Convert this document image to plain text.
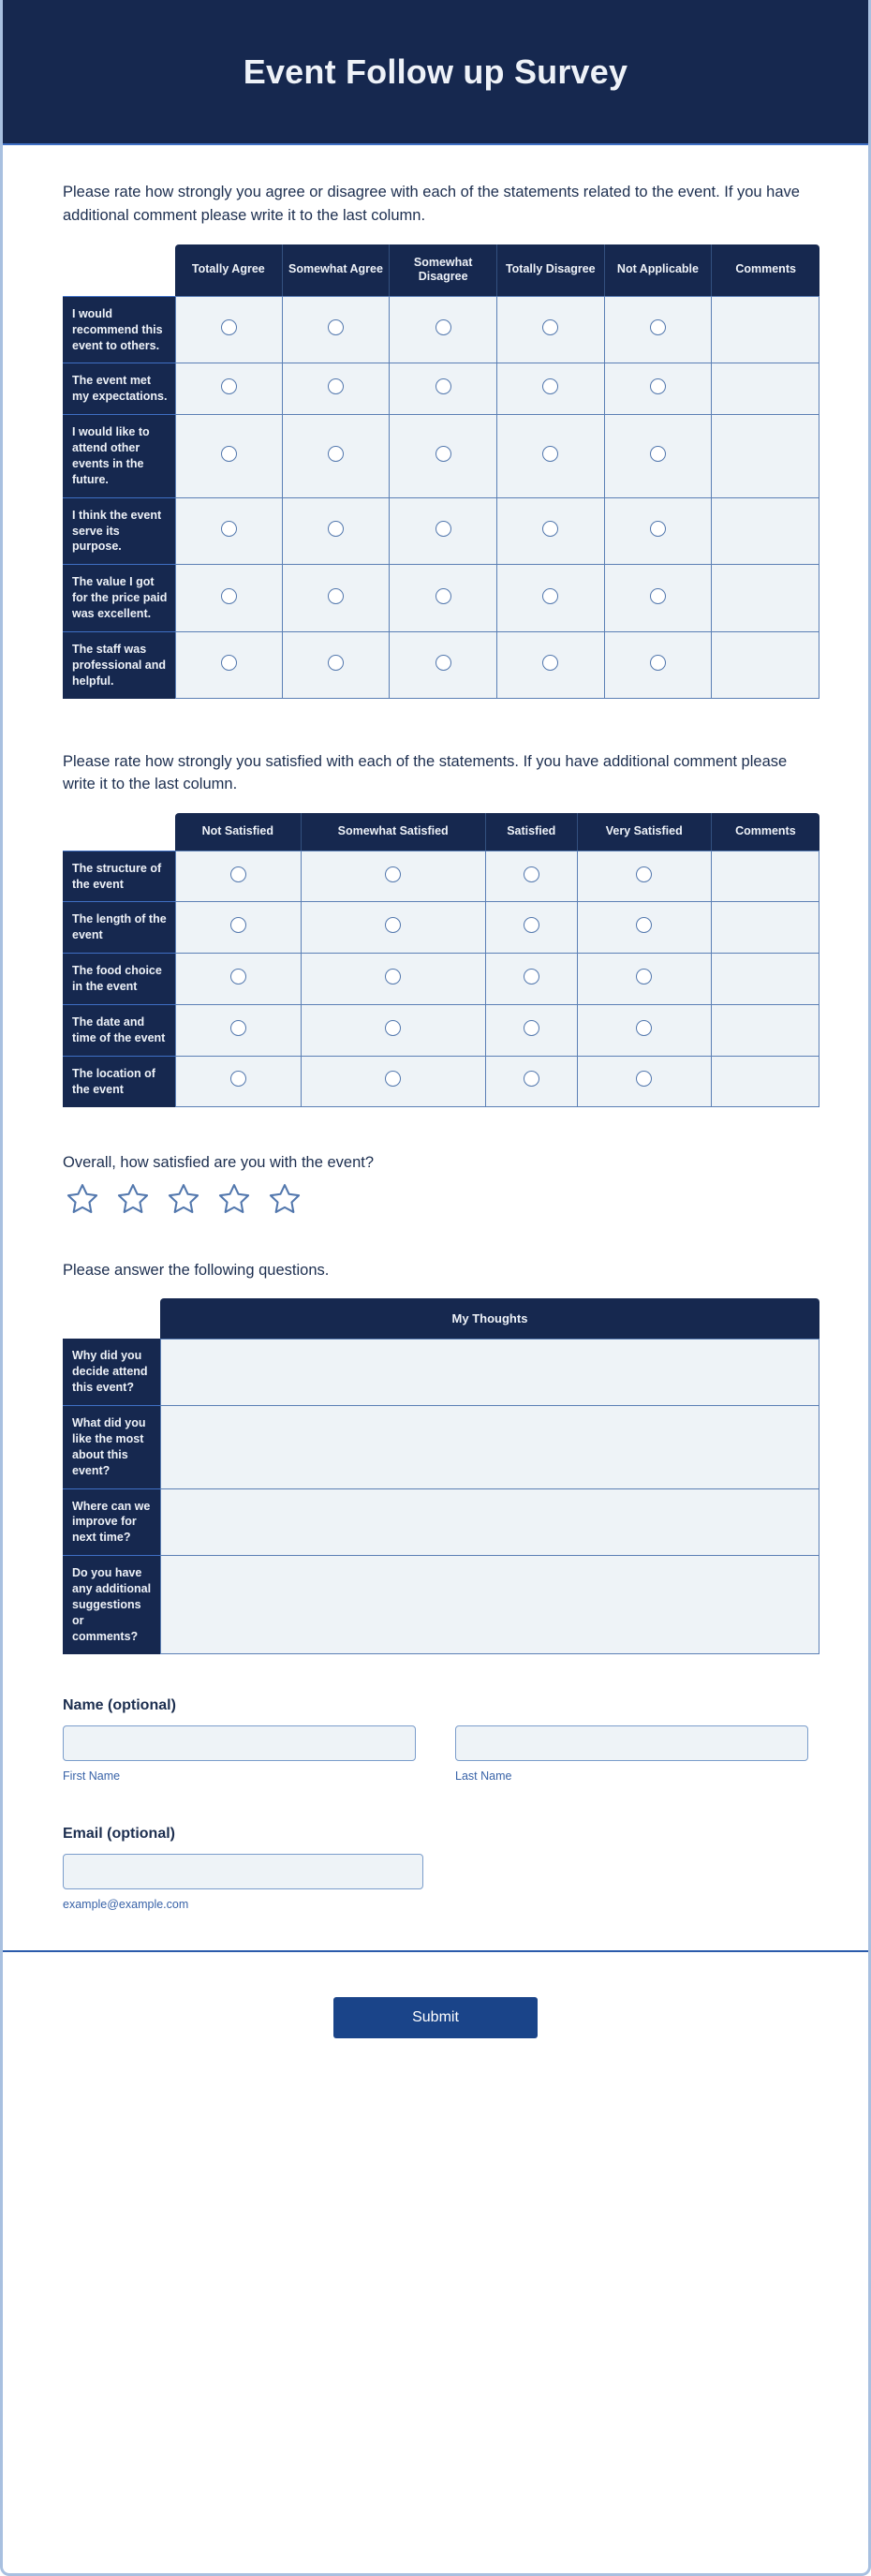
Event Follow up Survey
Please rate how strongly you agree or disagree with each of the statements related to the event. If you have additional comment please write it to the last column.
	Totally Agree	Somewhat Agree	Somewhat Disagree	Totally Disagree	Not Applicable	Comments
I would recommend this event to others.						
The event met my expectations.						
I would like to attend other events in the future.						
I think the event serve its purpose.						
The value I got for the price paid was excellent.						
The staff was professional and helpful.						
Please rate how strongly you satisfied with each of the statements. If you have additional comment please write it to the last column.
	Not Satisfied	Somewhat Satisfied	Satisfied	Very Satisfied	Comments
The structure of the event					
The length of the event					
The food choice in the event					
The date and time of the event					
The location of the event					
Overall, how satisfied are you with the event?
Please answer the following questions.
	My Thoughts
Why did you decide attend this event?	
What did you like the most about this event?	
Where can we improve for next time?	
Do you have any additional suggestions or comments?	
Name (optional)
First Name	Last Name
Email (optional)
example@example.com
Submit
